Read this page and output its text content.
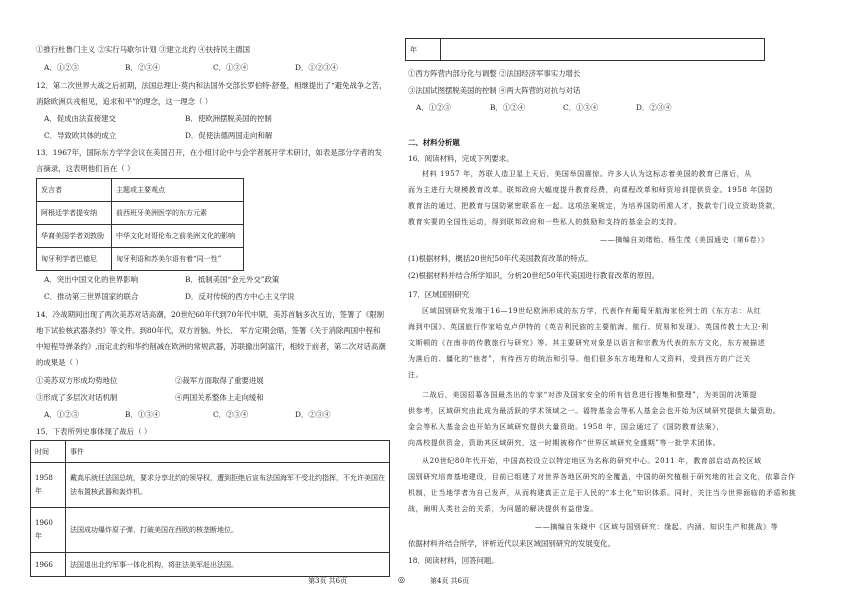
①推行杜鲁门主义 ②实行马歇尔计划 ③建立北约 ④扶持民主德国
A．①②③	B．②③④	C．①③④	D．①②③④
12．第二次世界大战之后初期，法国总理让·莫内和法国外交部长罗伯特·舒曼，相继提出了“避免战争之苦，
消除欧洲兵戎相见，追求和平”的理念，这一理念（ ）
A．促成由法直接建交	B．使欧洲摆脱美国的控制
C．导致欧共体的成立	D．促使法德两国走向和解
13．1967年，国际东方学学会议在美国召开，在小组讨论中与会学者展开学术研讨，如表是部分学者的发
言摘录，这表明他们旨在（ ）
发言者	主题或主要观点
阿根廷学者提安纳	前西班牙美洲医学的东方元素
华裔美国学者刘敦励	中华文化对哥伦布之前美洲文化的影响
匈牙利学者巴德尼	匈牙利语和苏美尔语有着“同一性”
A．突出中国文化的世界影响	B．抵制美国“金元外交”政策
C．推动第三世界国家的联合	D．反对传统的西方中心主义学说
14．冷战期间出现了两次美苏对话高潮，20世纪60年代到70年代中期，美苏首脑多次互访，签署了《限制
地下试验核武器条约》等文件。到80年代，双方首脑、外长、 军方定期会晤，签署《关于消除两国中程和
中短程导弹条约》,而定北约和华约削减在欧洲的常规武器，苏联撤出阿富汗，相较于前者，第二次对话高潮
的成果是（ ）
①美苏双方形成均势地位	②裁军方面取得了重要进展
③形成了多层次对话机制	④两国关系整体上走向缓和
A．①②③	B．①③④	C．②③④	D．②③④
15．下表所列史事体现了战后（ ）
时间	事件
1958
年	戴高乐就任法国总统，要求分享北约的领导权，遭到拒绝后宣布法国海军不受北约指挥，不允许美国在法布置核武器和轰炸机。
1960
年	法国成功爆炸原子弹，打破美国在西欧的核垄断地位。
1966	法国退出北约军事一体化机构，将驻法美军赶出法国。
第3页 共6页	◎
年	
①西方阵营内部分化与调整 ②法国经济军事实力增长
③法国试图摆脱美国的控制 ④两大阵营的对抗与对话
A．①②③	B．①②④	C．①③④	D．②③④
二、材料分析题
16．阅读材料，完成下列要求。
材料 1957 年，苏联人造卫星上天后，美国举国震惊。许多人认为这标志着美国的教育已落后，从
而为主进行大规模教育改革。联邦政府大幅度提升教育经费，向课程改革和师资培训提供资金。1958 年国防
教育法的通过，把教育与国防紧密联系在一起。这项法案规定，为培养国防所需人才，拨款专门设立资助贷款，
教育实要的全国性运动，得到联邦政府和一些私人的鼓励和支持的基金会的支持。
——摘编自刘绪贻、杨生茂《美国通史（第6卷）》
(1)根据材料，概括20世纪50年代美国教育改革的特点。
(2)根据材料并结合所学知识，分析20世纪50年代美国进行教育改革的原因。
17．区域国别研究
区域国别研究发端于16—19世纪欧洲形成的东方学，代表作有葡萄牙航海家伦列士的《东方志：从红
海到中国》、英国旅行作家哈克卢伊特的《英吉利民族的主要航海、航行、贸易和发现》、英国传教士大卫·利
文斯顿的《在南非的传教旅行与研究》等。其主要研究对象是以语言和宗教为代表的东方文化，东方被描述
为落后的、僵化的“他者”，有待西方的统治和引导。他们很多东方地理和人文资料，受到西方的广泛关
注。
二战后，美国招募各国最杰出的专家“对涉及国家安全的所有信息进行搜集和整理”，为美国的决策提
供参考，区域研究由此成为最活跃的学术领域之一。福特基金会等私人基金会也开始为区域研究提供大量资助。
金会等私人基金会也开始为区域研究提供大量资助。1958 年，国会通过了《国防教育法案》，
向高校提供资金，资助其区域研究，这一时期被称作“世界区域研究全盛期”等一批学术团体。
从20世纪80年代开始，中国高校设立以特定地区为名称的研究中心。2011 年，教育部启动高校区域
国别研究培育基地建设，目前已组建了对世界各地区研究的全覆盖，中国的研究植根于研究地的社会文化，依靠合作
机制，让当地学者为自己发声，从而构建真正立足于人民的“本土化”知识体系。同时，关注当今世界面临的矛盾和挑
战，阐明人类社会的关系，为问题的解决提供有益借鉴。
——摘编自朱晓中《区域与国别研究：缘起、内涵、知识生产和挑战》等
依据材料并结合所学，评析近代以来区域国别研究的发展变化。
18．阅读材料，回答问题。
第4页 共6页
